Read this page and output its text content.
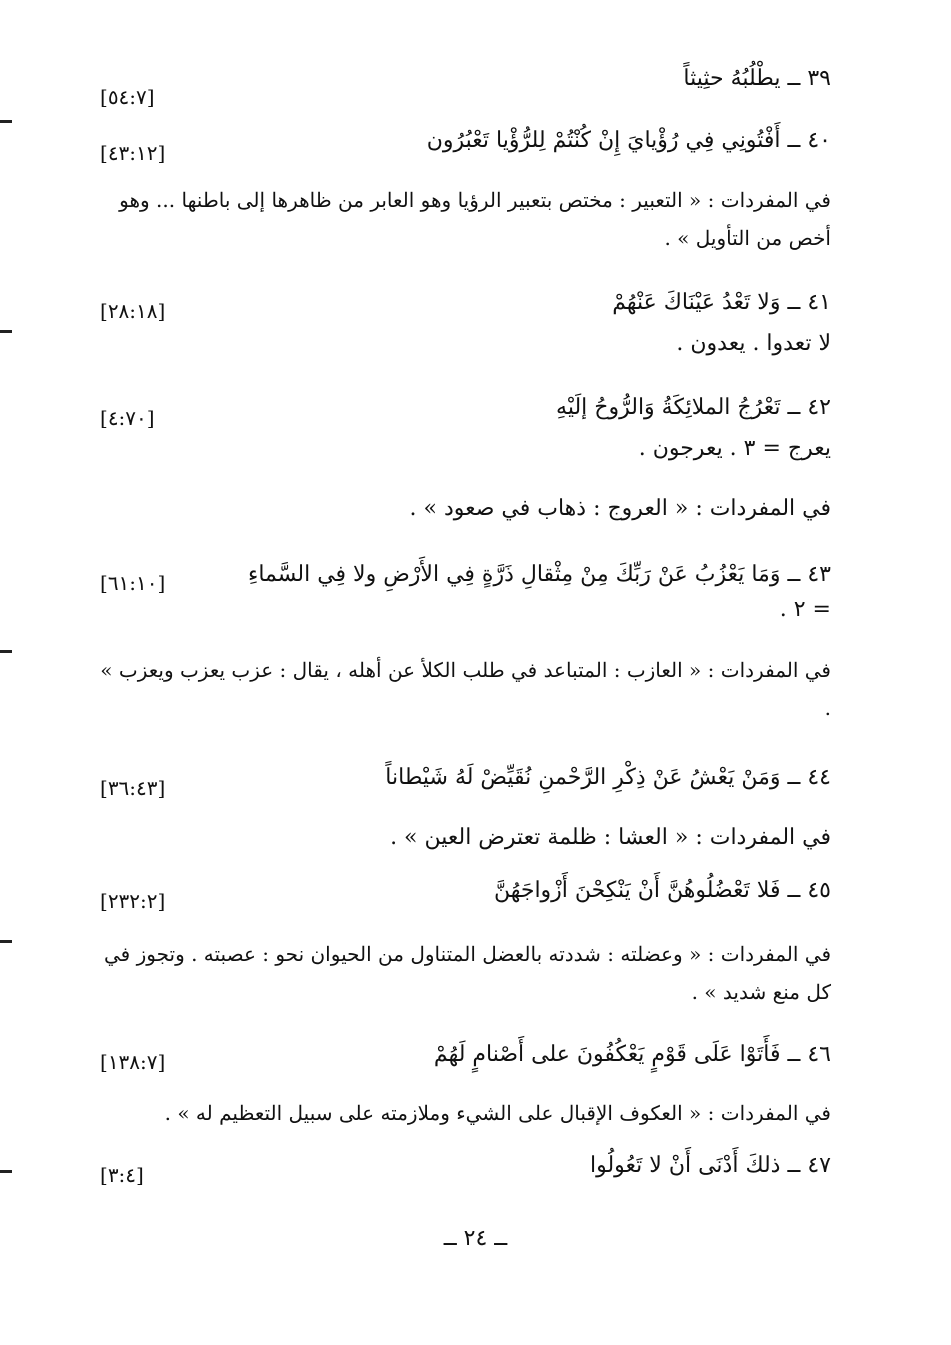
٣٩ ــ يطْلُبُهُ حثِيثاً
[٥٤:٧]
٤٠ ــ أَفْتُونِي فِي رُؤْيايَ إِنْ كُنْتُمْ لِلرُّؤْيا تَعْبُرُون
[٤٣:١٢]
في المفردات : « التعبير : مختص بتعبير الرؤيا وهو العابر من ظاهرها إلى باطنها ... وهو أخص من التأويل » .
٤١ ــ وَلا تَعْدُ عَيْنَاكَ عَنْهُمْ
[٢٨:١٨]
لا تعدوا . يعدون .
٤٢ ــ تَعْرُجُ الملائِكَةُ وَالرُّوحُ إلَيْهِ
[٤:٧٠]
يعرج = ٣ . يعرجون .
في المفردات : « العروج : ذهاب في صعود » .
٤٣ ــ وَمَا يَعْزُبُ عَنْ رَبِّكَ مِنْ مِثْقالِ ذَرَّةٍ فِي الأَرْضِ ولا فِي السَّماءِ
[٦١:١٠]
= ٢ .
في المفردات : « العازب : المتباعد في طلب الكلأ عن أهله ، يقال : عزب يعزب ويعزب » .
٤٤ ــ وَمَنْ يَعْشُ عَنْ ذِكْرِ الرَّحْمنِ نُقَيِّضْ لَهُ شَيْطاناً
[٣٦:٤٣]
في المفردات : « العشا : ظلمة تعترض العين » .
٤٥ ــ فَلا تَعْضُلُوهُنَّ أَنْ يَنْكِحْنَ أَزْواجَهُنَّ
[٢٣٢:٢]
في المفردات : « وعضلته : شددته بالعضل المتناول من الحيوان نحو : عصبته . وتجوز في كل منع شديد » .
٤٦ ــ فَأَتَوْا عَلَى قَوْمٍ يَعْكُفُونَ على أَصْنامٍ لَهُمْ
[١٣٨:٧]
في المفردات : « العكوف الإقبال على الشيء وملازمته على سبيل التعظيم له » .
٤٧ ــ ذلكَ أَدْنَى أَنْ لا تَعُولُوا
[٣:٤]
ــ ٢٤ ــ
